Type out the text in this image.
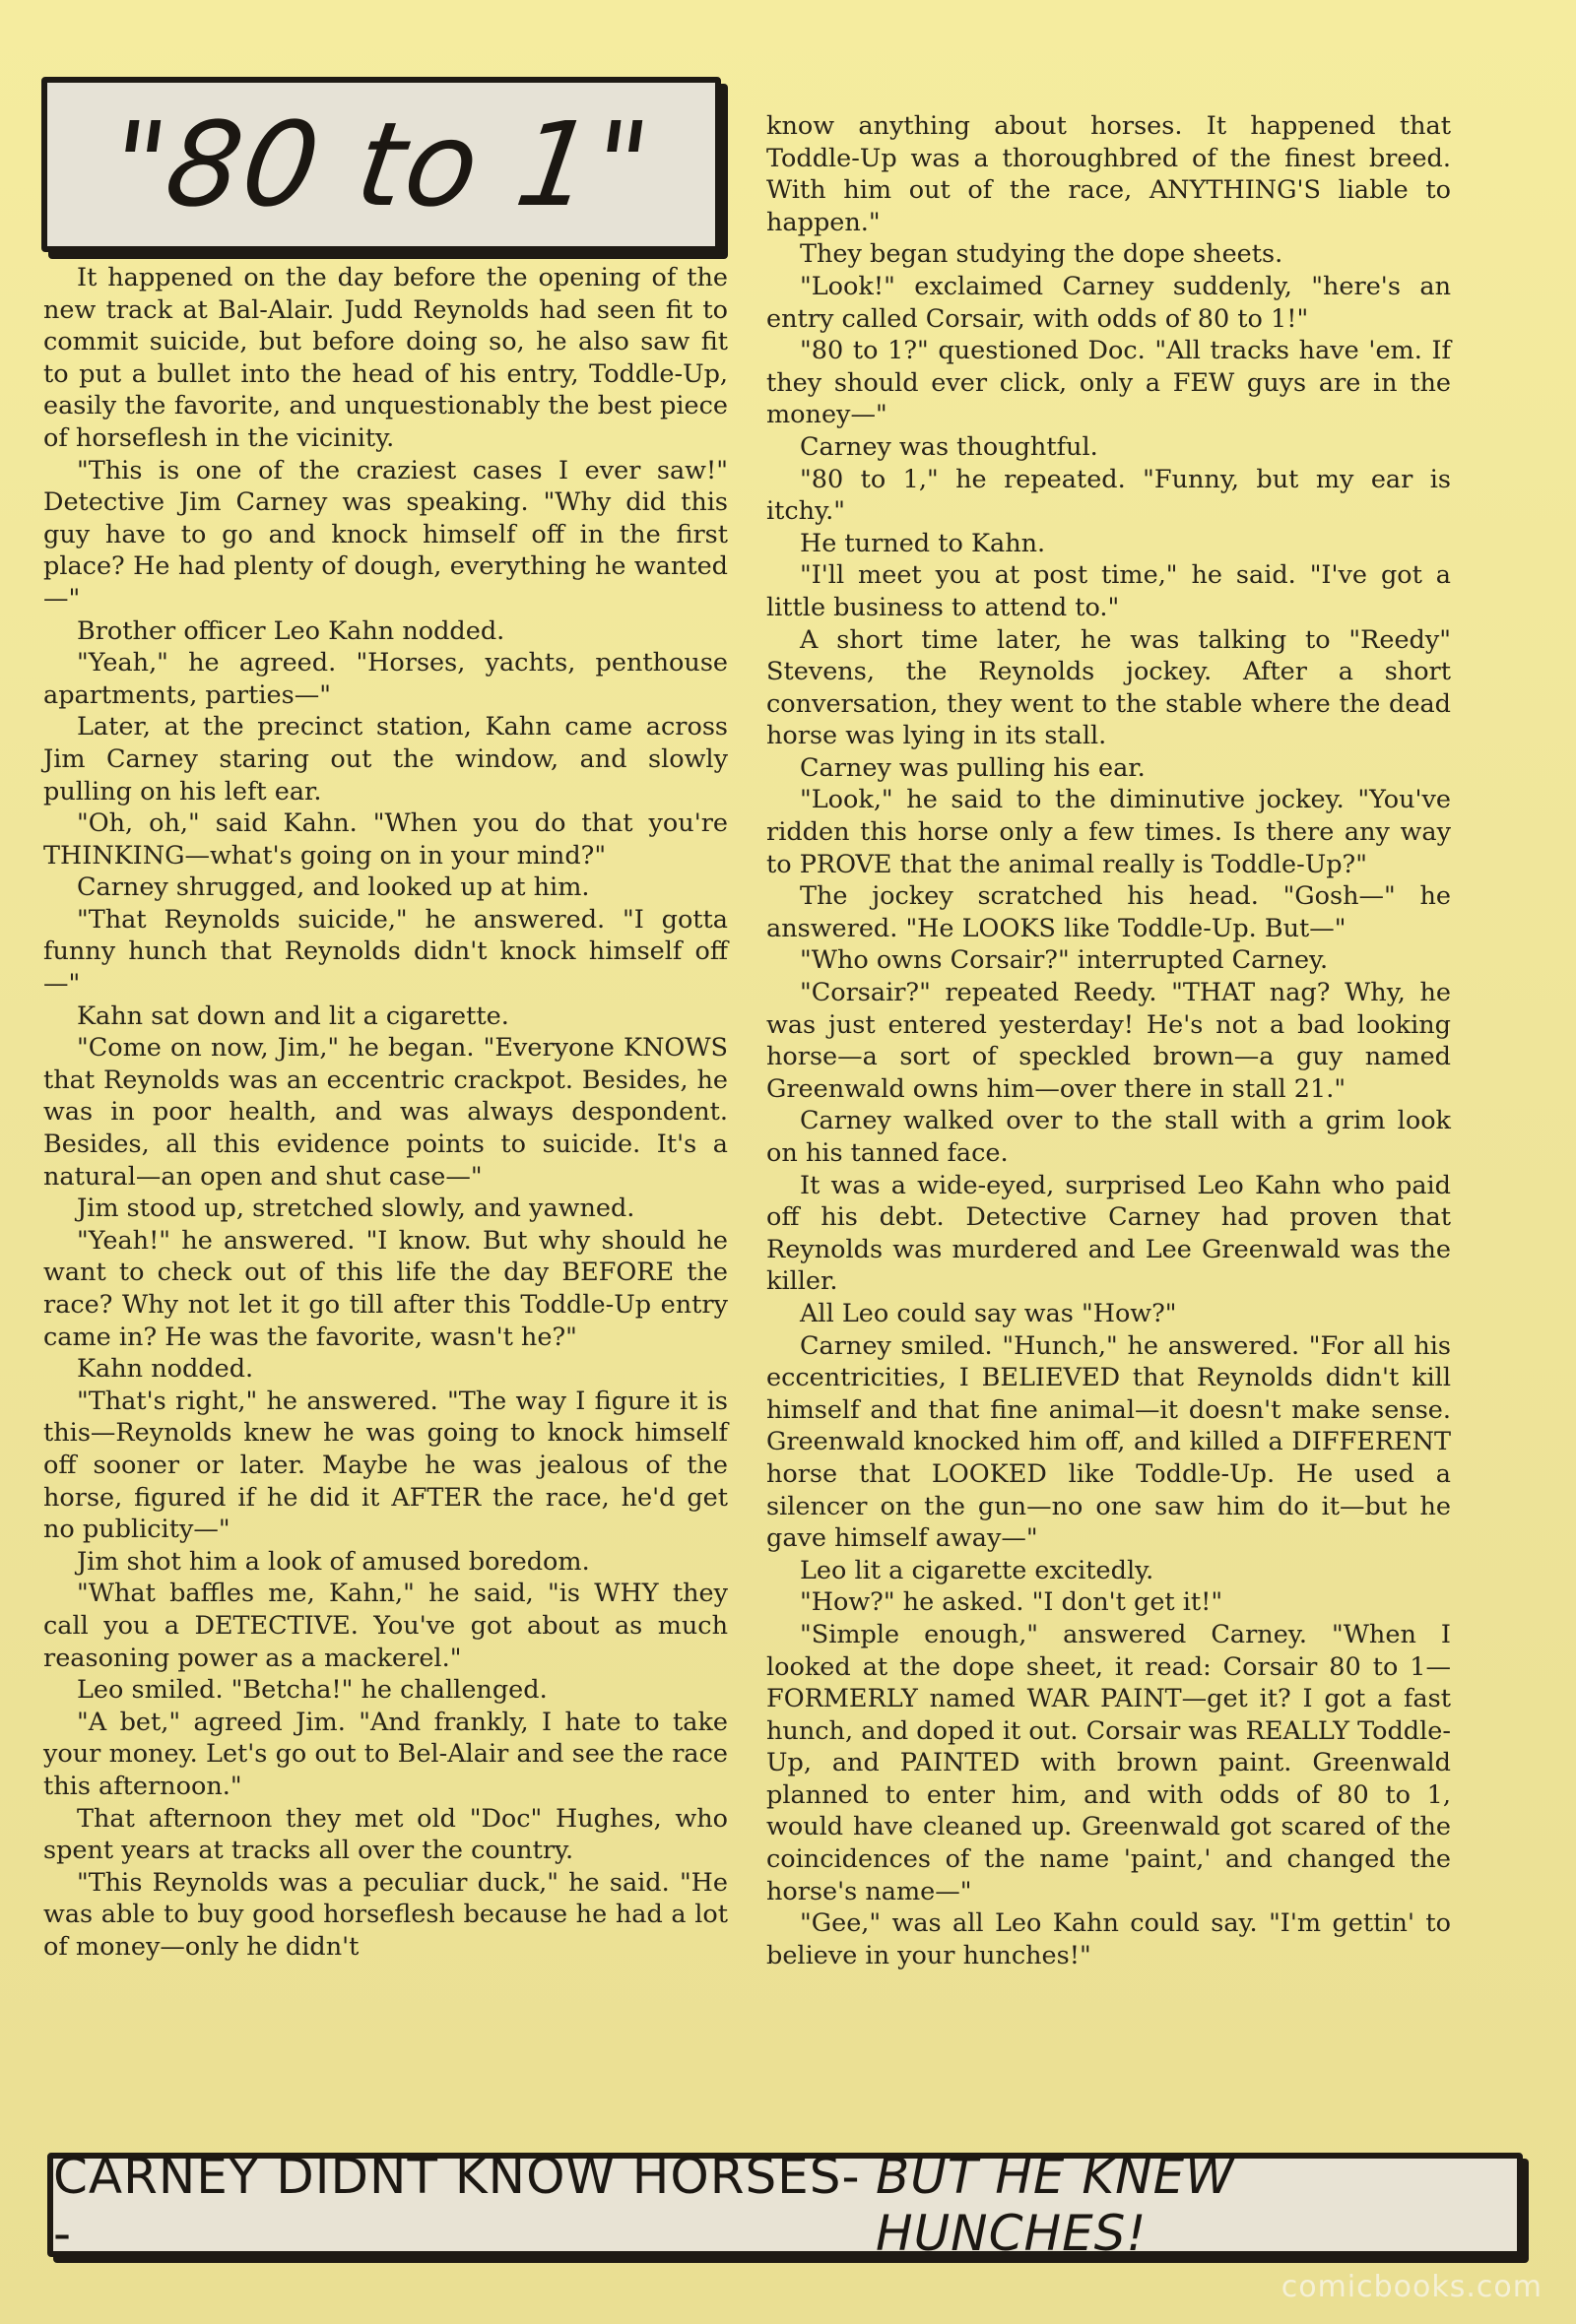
"80 to 1"

It happened on the day before the opening of the new track at Bal-Alair. Judd Reynolds had seen fit to commit suicide, but before doing so, he also saw fit to put a bullet into the head of his entry, Toddle-Up, easily the favorite, and unquestionably the best piece of horseflesh in the vicinity.

"This is one of the craziest cases I ever saw!" Detective Jim Carney was speaking. "Why did this guy have to go and knock himself off in the first place? He had plenty of dough, everything he wanted—"

Brother officer Leo Kahn nodded.

"Yeah," he agreed. "Horses, yachts, penthouse apartments, parties—"

Later, at the precinct station, Kahn came across Jim Carney staring out the window, and slowly pulling on his left ear.

"Oh, oh," said Kahn. "When you do that you're THINKING—what's going on in your mind?"

Carney shrugged, and looked up at him.

"That Reynolds suicide," he answered. "I gotta funny hunch that Reynolds didn't knock himself off—"

Kahn sat down and lit a cigarette.

"Come on now, Jim," he began. "Everyone KNOWS that Reynolds was an eccentric crackpot. Besides, he was in poor health, and was always despondent. Besides, all this evidence points to suicide. It's a natural—an open and shut case—"

Jim stood up, stretched slowly, and yawned.

"Yeah!" he answered. "I know. But why should he want to check out of this life the day BEFORE the race? Why not let it go till after this Toddle-Up entry came in? He was the favorite, wasn't he?"

Kahn nodded.

"That's right," he answered. "The way I figure it is this—Reynolds knew he was going to knock himself off sooner or later. Maybe he was jealous of the horse, figured if he did it AFTER the race, he'd get no publicity—"

Jim shot him a look of amused boredom.

"What baffles me, Kahn," he said, "is WHY they call you a DETECTIVE. You've got about as much reasoning power as a mackerel."

Leo smiled. "Betcha!" he challenged.

"A bet," agreed Jim. "And frankly, I hate to take your money. Let's go out to Bel-Alair and see the race this afternoon."

That afternoon they met old "Doc" Hughes, who spent years at tracks all over the country.

"This Reynolds was a peculiar duck," he said. "He was able to buy good horseflesh because he had a lot of money—only he didn't

know anything about horses. It happened that Toddle-Up was a thoroughbred of the finest breed. With him out of the race, ANYTHING'S liable to happen."

They began studying the dope sheets.

"Look!" exclaimed Carney suddenly, "here's an entry called Corsair, with odds of 80 to 1!"

"80 to 1?" questioned Doc. "All tracks have 'em. If they should ever click, only a FEW guys are in the money—"

Carney was thoughtful.

"80 to 1," he repeated. "Funny, but my ear is itchy."

He turned to Kahn.

"I'll meet you at post time," he said. "I've got a little business to attend to."

A short time later, he was talking to "Reedy" Stevens, the Reynolds jockey. After a short conversation, they went to the stable where the dead horse was lying in its stall.

Carney was pulling his ear.

"Look," he said to the diminutive jockey. "You've ridden this horse only a few times. Is there any way to PROVE that the animal really is Toddle-Up?"

The jockey scratched his head. "Gosh—" he answered. "He LOOKS like Toddle-Up. But—"

"Who owns Corsair?" interrupted Carney.

"Corsair?" repeated Reedy. "THAT nag? Why, he was just entered yesterday! He's not a bad looking horse—a sort of speckled brown—a guy named Greenwald owns him—over there in stall 21."

Carney walked over to the stall with a grim look on his tanned face.

It was a wide-eyed, surprised Leo Kahn who paid off his debt. Detective Carney had proven that Reynolds was murdered and Lee Greenwald was the killer.

All Leo could say was "How?"

Carney smiled. "Hunch," he answered. "For all his eccentricities, I BELIEVED that Reynolds didn't kill himself and that fine animal—it doesn't make sense. Greenwald knocked him off, and killed a DIFFERENT horse that LOOKED like Toddle-Up. He used a silencer on the gun—no one saw him do it—but he gave himself away—"

Leo lit a cigarette excitedly.

"How?" he asked. "I don't get it!"

"Simple enough," answered Carney. "When I looked at the dope sheet, it read: Corsair 80 to 1—FORMERLY named WAR PAINT—get it? I got a fast hunch, and doped it out. Corsair was REALLY Toddle-Up, and PAINTED with brown paint. Greenwald planned to enter him, and with odds of 80 to 1, would have cleaned up. Greenwald got scared of the coincidences of the name 'paint,' and changed the horse's name—"

"Gee," was all Leo Kahn could say. "I'm gettin' to believe in your hunches!"

CARNEY DIDNT KNOW HORSES--
BUT HE KNEW HUNCHES!
comicbooks.com
